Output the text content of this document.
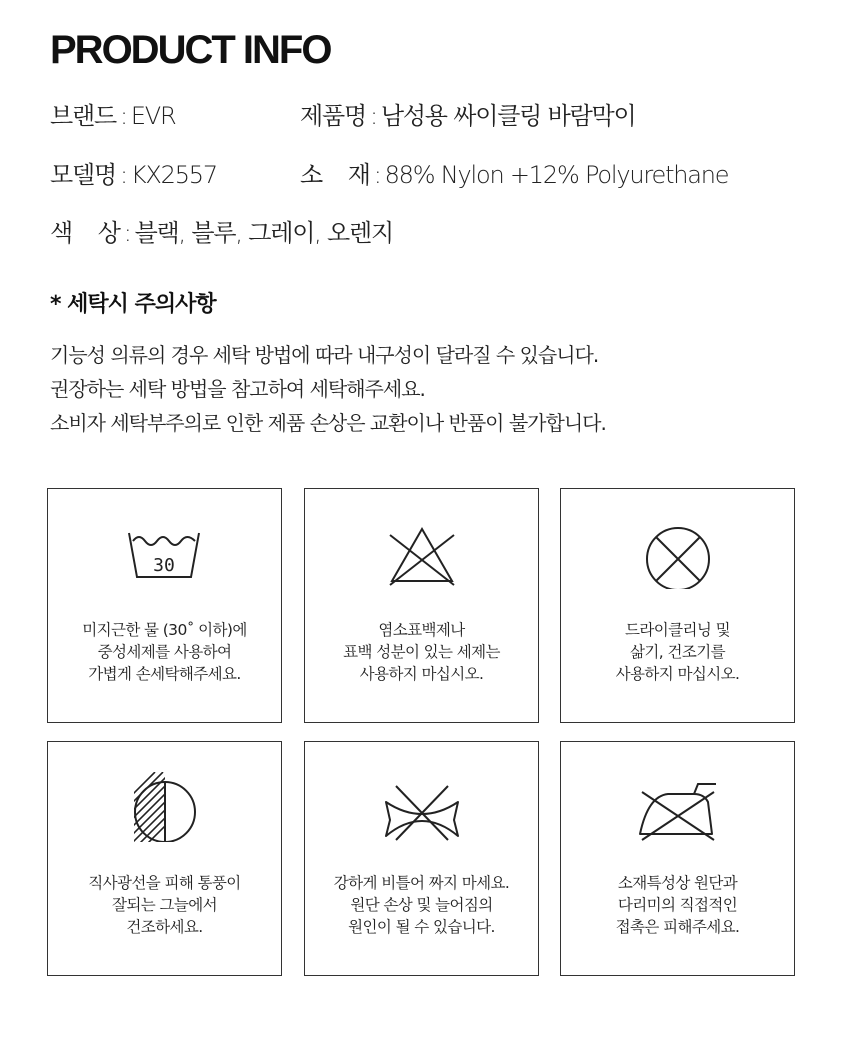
PRODUCT INFO
브랜드 : EVR	제품명 : 남성용 싸이클링 바람막이
모델명 : KX2557	소    재 : 88% Nylon +12% Polyurethane
색    상 : 블랙, 블루, 그레이, 오렌지
* 세탁시 주의사항
기능성 의류의 경우 세탁 방법에 따라 내구성이 달라질 수 있습니다.
권장하는 세탁 방법을 참고하여 세탁해주세요.
소비자 세탁부주의로 인한 제품 손상은 교환이나 반품이 불가합니다.
30
미지근한 물 (30˚ 이하)에
중성세제를 사용하여
가볍게 손세탁해주세요.
염소표백제나
표백 성분이 있는 세제는
사용하지 마십시오.
드라이클리닝 및
삶기, 건조기를
사용하지 마십시오.
직사광선을 피해 통풍이
잘되는 그늘에서
건조하세요.
강하게 비틀어 짜지 마세요.
원단 손상 및 늘어짐의
원인이 될 수 있습니다.
소재특성상 원단과
다리미의 직접적인
접촉은 피해주세요.
